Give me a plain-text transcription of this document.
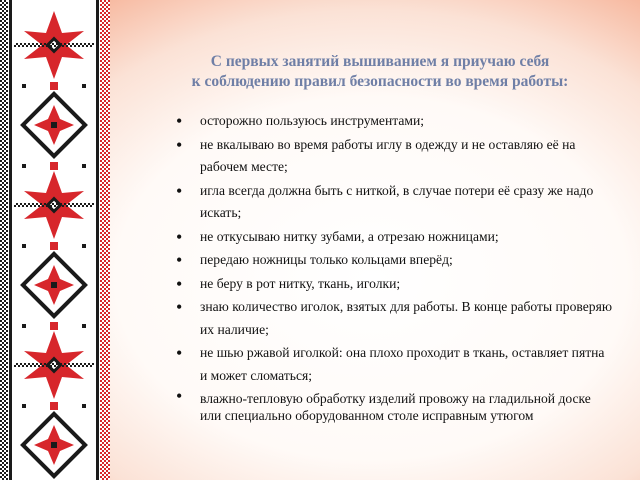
С первых занятий вышиванием я приучаю себя
к соблюдению правил безопасности во время работы:
• осторожно пользуюсь инструментами;
• не вкалываю во время работы иглу в одежду и не оставляю её на рабочем месте;
• игла всегда должна быть с ниткой, в случае потери её сразу же надо искать;
• не откусываю нитку зубами, а отрезаю ножницами;
• передаю ножницы только кольцами вперёд;
• не беру в рот нитку, ткань, иголки;
• знаю количество иголок, взятых для работы. В конце работы проверяю их наличие;
• не шью ржавой иголкой: она плохо проходит в ткань, оставляет пятна и может сломаться;
• влажно-тепловую обработку изделий провожу на гладильной доске или специально оборудованном столе исправным утюгом
